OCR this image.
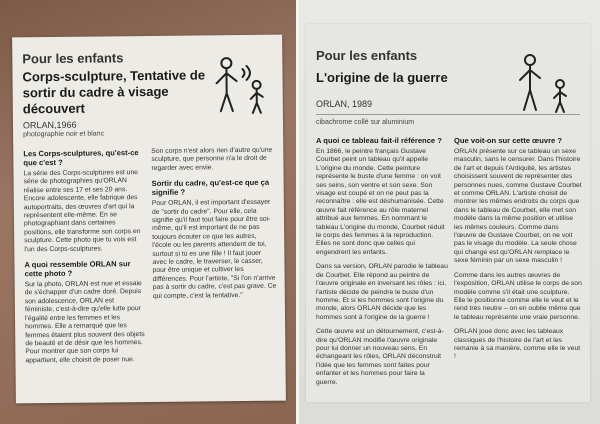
Pour les enfants
Corps-sculpture, Tentative de sortir du cadre à visage découvert
ORLAN,1966
photographie noir et blanc
Les Corps-sculptures, qu'est-ce que c'est ?

La série des Corps-sculptures est une série de photographies qu'ORLAN réalise entre ses 17 et ses 20 ans. Encore adolescente, elle fabrique des autoportraits, des œuvres d'art qui la représentent elle-même. En se photographiant dans certaines positions, elle transforme son corps en sculpture. Cette photo que tu vois est l'un des Corps-sculptures.

A quoi ressemble ORLAN sur cette photo ?

Sur la photo, ORLAN est nue et essaie de s'échapper d'un cadre doré. Depuis son adolescence, ORLAN est féministe, c'est-à-dire qu'elle lutte pour l'égalité entre les femmes et les hommes. Elle a remarqué que les femmes étaient plus souvent des objets de beauté et de désir que les hommes. Pour montrer que son corps lui appartient, elle choisit de poser nue.

Son corps n'est alors rien d'autre qu'une sculpture, que personne n'a le droit de regarder avec envie.

Sortir du cadre, qu'est-ce que ça signifie ?

Pour ORLAN, il est important d'essayer de "sortir du cadre". Pour elle, cela signifie qu'il faut tout faire pour être soi-même, qu'il est important de ne pas toujours écouter ce que les autres, l'école ou les parents attendent de toi, surtout si tu es une fille ! Il faut jouer avec le cadre, le traverser, le casser, pour être unique et cultiver les différences. Pour l'artiste, "Si l'on n'arrive pas à sortir du cadre, c'est pas grave. Ce qui compte, c'est la tentative."

Pour les enfants
L'origine de la guerre
ORLAN, 1989
cibachrome collé sur aluminium
A quoi ce tableau fait-il référence ?

En 1866, le peintre français Gustave Courbet peint un tableau qu'il appelle L'origine du monde. Cette peinture représente le buste d'une femme : on voit ses seins, son ventre et son sexe. Son visage est coupé et on ne peut pas la reconnaître : elle est déshumanisée. Cette œuvre fait référence au rôle maternel attribué aux femmes. En nommant le tableau L'origine du monde, Courbet réduit le corps des femmes à la reproduction. Elles ne sont donc que celles qui engendrent les enfants.

Dans sa version, ORLAN parodie le tableau de Courbet. Elle répond au peintre de l'œuvre originale en inversant les rôles : ici, l'artiste décide de peindre le buste d'un homme. Et si les hommes sont l'origine du monde, alors ORLAN décide que les hommes sont à l'origine de la guerre !

Cette œuvre est un détournement, c'est-à-dire qu'ORLAN modifie l'œuvre originale pour lui donner un nouveau sens. En échangeant les rôles, ORLAN déconstruit l'idée que les femmes sont faites pour enfanter et les hommes pour faire la guerre.

Que voit-on sur cette œuvre ?

ORLAN présente sur ce tableau un sexe masculin, sans le censurer. Dans l'histoire de l'art et depuis l'Antiquité, les artistes choisissent souvent de représenter des personnes nues, comme Gustave Courbet et comme ORLAN. L'artiste choisit de montrer les mêmes endroits du corps que dans le tableau de Courbet, elle met son modèle dans la même position et utilise les mêmes couleurs. Comme dans l'œuvre de Gustave Courbet, on ne voit pas le visage du modèle. La seule chose qui change est qu'ORLAN remplace le sexe féminin par un sexe masculin !

Comme dans les autres œuvres de l'exposition, ORLAN utilise le corps de son modèle comme s'il était une sculpture. Elle le positionne comme elle le veut et le rend très neutre – on en oublie même que le tableau représente une vraie personne.

ORLAN joue donc avec les tableaux classiques de l'histoire de l'art et les remanie à sa manière, comme elle le veut !
